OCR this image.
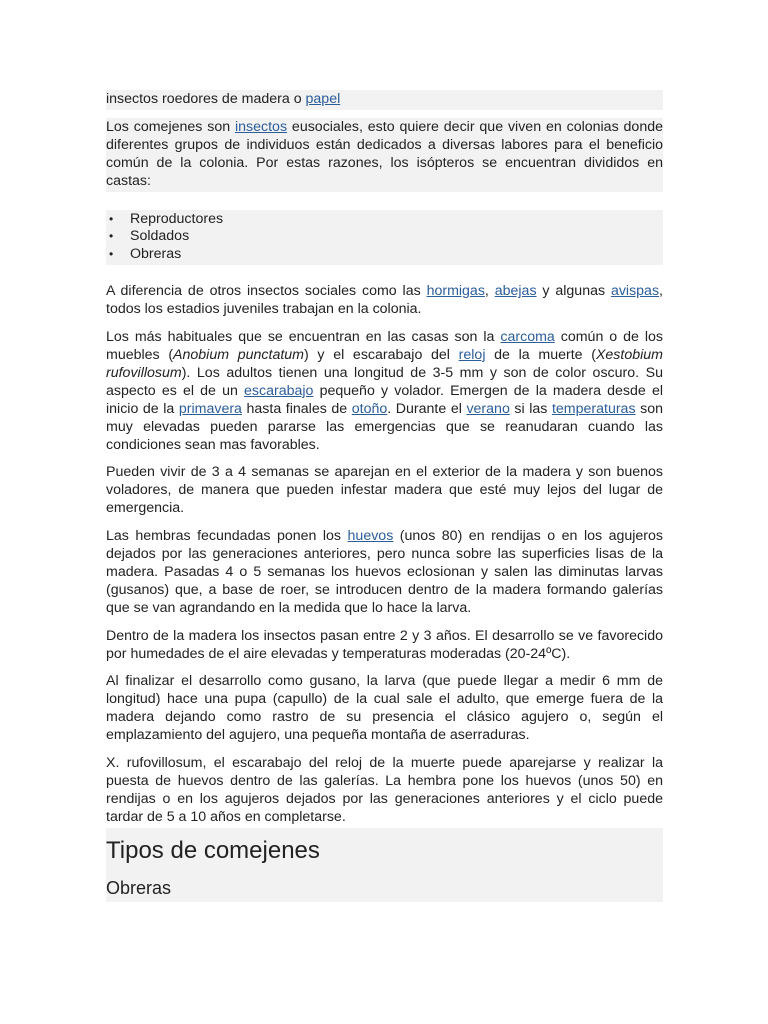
insectos roedores de madera o papel

Los comejenes son insectos eusociales, esto quiere decir que viven en colonias donde diferentes grupos de individuos están dedicados a diversas labores para el beneficio común de la colonia. Por estas razones, los isópteros se encuentran divididos en castas:

• Reproductores
• Soldados
• Obreras

A diferencia de otros insectos sociales como las hormigas, abejas y algunas avispas, todos los estadios juveniles trabajan en la colonia.

Los más habituales que se encuentran en las casas son la carcoma común o de los muebles (Anobium punctatum) y el escarabajo del reloj de la muerte (Xestobium rufovillosum). Los adultos tienen una longitud de 3-5 mm y son de color oscuro. Su aspecto es el de un escarabajo pequeño y volador. Emergen de la madera desde el inicio de la primavera hasta finales de otoño. Durante el verano si las temperaturas son muy elevadas pueden pararse las emergencias que se reanudaran cuando las condiciones sean mas favorables.

Pueden vivir de 3 a 4 semanas se aparejan en el exterior de la madera y son buenos voladores, de manera que pueden infestar madera que esté muy lejos del lugar de emergencia.

Las hembras fecundadas ponen los huevos (unos 80) en rendijas o en los agujeros dejados por las generaciones anteriores, pero nunca sobre las superficies lisas de la madera. Pasadas 4 o 5 semanas los huevos eclosionan y salen las diminutas larvas (gusanos) que, a base de roer, se introducen dentro de la madera formando galerías que se van agrandando en la medida que lo hace la larva.

Dentro de la madera los insectos pasan entre 2 y 3 años. El desarrollo se ve favorecido por humedades de el aire elevadas y temperaturas moderadas (20-24ºC).

Al finalizar el desarrollo como gusano, la larva (que puede llegar a medir 6 mm de longitud) hace una pupa (capullo) de la cual sale el adulto, que emerge fuera de la madera dejando como rastro de su presencia el clásico agujero o, según el emplazamiento del agujero, una pequeña montaña de aserraduras.

X. rufovillosum, el escarabajo del reloj de la muerte puede aparejarse y realizar la puesta de huevos dentro de las galerías. La hembra pone los huevos (unos 50) en rendijas o en los agujeros dejados por las generaciones anteriores y el ciclo puede tardar de 5 a 10 años en completarse.

Tipos de comejenes
Obreras
